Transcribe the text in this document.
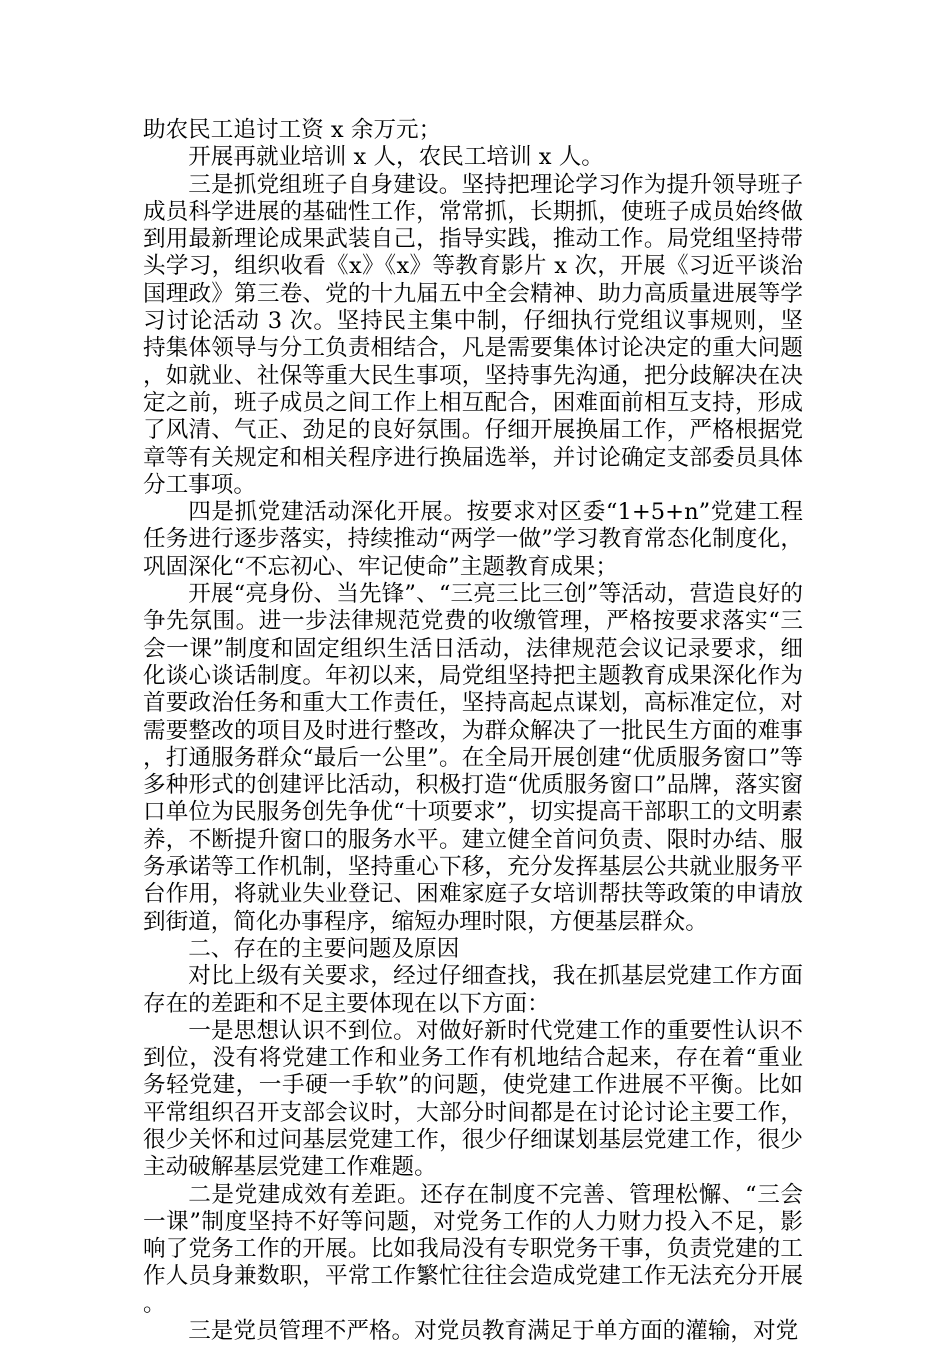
助农民工追讨工资 x 余万元；

开展再就业培训 x 人，农民工培训 x 人。

三是抓党组班子自身建设。坚持把理论学习作为提升领导班子成员科学进展的基础性工作，常常抓，长期抓，使班子成员始终做到用最新理论成果武装自己，指导实践，推动工作。局党组坚持带头学习，组织收看《x》《x》等教育影片 x 次，开展《习近平谈治国理政》第三卷、党的十九届五中全会精神、助力高质量进展等学习讨论活动 3 次。坚持民主集中制，仔细执行党组议事规则，坚持集体领导与分工负责相结合，凡是需要集体讨论决定的重大问题，如就业、社保等重大民生事项，坚持事先沟通，把分歧解决在决定之前，班子成员之间工作上相互配合，困难面前相互支持，形成了风清、气正、劲足的良好氛围。仔细开展换届工作，严格根据党章等有关规定和相关程序进行换届选举，并讨论确定支部委员具体分工事项。

四是抓党建活动深化开展。按要求对区委“1+5+n”党建工程任务进行逐步落实，持续推动“两学一做”学习教育常态化制度化，巩固深化“不忘初心、牢记使命”主题教育成果；

开展“亮身份、当先锋”、“三亮三比三创”等活动，营造良好的争先氛围。进一步法律规范党费的收缴管理，严格按要求落实“三会一课”制度和固定组织生活日活动，法律规范会议记录要求，细化谈心谈话制度。年初以来，局党组坚持把主题教育成果深化作为首要政治任务和重大工作责任，坚持高起点谋划，高标准定位，对需要整改的项目及时进行整改，为群众解决了一批民生方面的难事，打通服务群众“最后一公里”。在全局开展创建“优质服务窗口”等多种形式的创建评比活动，积极打造“优质服务窗口”品牌，落实窗口单位为民服务创先争优“十项要求”，切实提高干部职工的文明素养，不断提升窗口的服务水平。建立健全首问负责、限时办结、服务承诺等工作机制，坚持重心下移，充分发挥基层公共就业服务平台作用，将就业失业登记、困难家庭子女培训帮扶等政策的申请放到街道，简化办事程序，缩短办理时限，方便基层群众。

二、存在的主要问题及原因

对比上级有关要求，经过仔细查找，我在抓基层党建工作方面存在的差距和不足主要体现在以下方面：

一是思想认识不到位。对做好新时代党建工作的重要性认识不到位，没有将党建工作和业务工作有机地结合起来，存在着“重业务轻党建，一手硬一手软”的问题，使党建工作进展不平衡。比如平常组织召开支部会议时，大部分时间都是在讨论讨论主要工作，很少关怀和过问基层党建工作，很少仔细谋划基层党建工作，很少主动破解基层党建工作难题。

二是党建成效有差距。还存在制度不完善、管理松懈、“三会一课”制度坚持不好等问题，对党务工作的人力财力投入不足，影响了党务工作的开展。比如我局没有专职党务干事，负责党建的工作人员身兼数职，平常工作繁忙往往会造成党建工作无法充分开展。

三是党员管理不严格。对党员教育满足于单方面的灌输，对党
